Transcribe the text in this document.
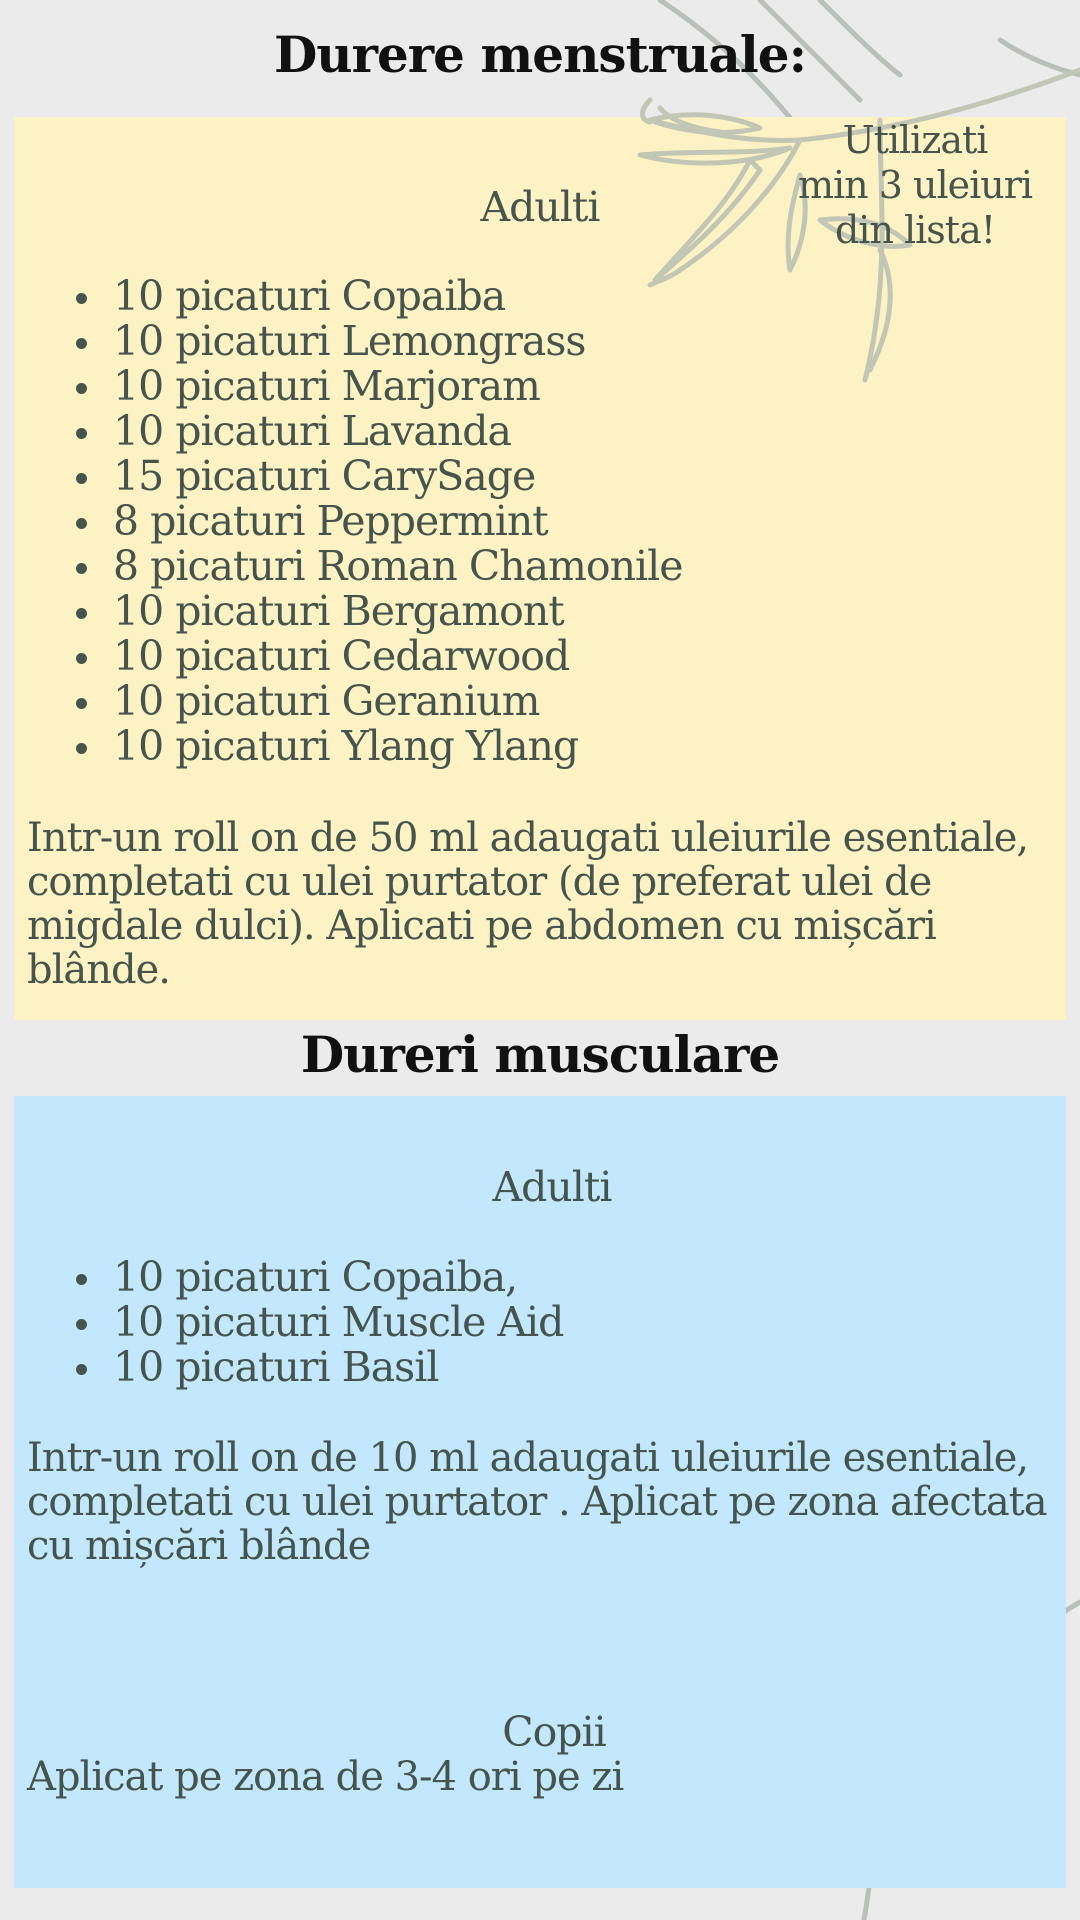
Durere menstruale:
Dureri musculare
Utilizati
min 3 uleiuri
din lista!
Adulti
10 picaturi Copaiba
10 picaturi Lemongrass
10 picaturi Marjoram
10 picaturi Lavanda
15 picaturi CarySage
8 picaturi Peppermint
8 picaturi Roman Chamonile
10 picaturi Bergamont
10 picaturi Cedarwood
10 picaturi Geranium
10 picaturi Ylang Ylang

Intr-un roll on de 50 ml adaugati uleiurile esentiale, completati cu ulei purtator (de preferat ulei de migdale dulci). Aplicati pe abdomen cu mișcări blânde.

Adulti
10 picaturi Copaiba,
10 picaturi Muscle Aid
10 picaturi Basil

Intr-un roll on de 10 ml adaugati uleiurile esentiale, completati cu ulei purtator . Aplicat pe zona afectata cu mișcări blânde

Copii

Aplicat pe zona de 3-4 ori pe zi
